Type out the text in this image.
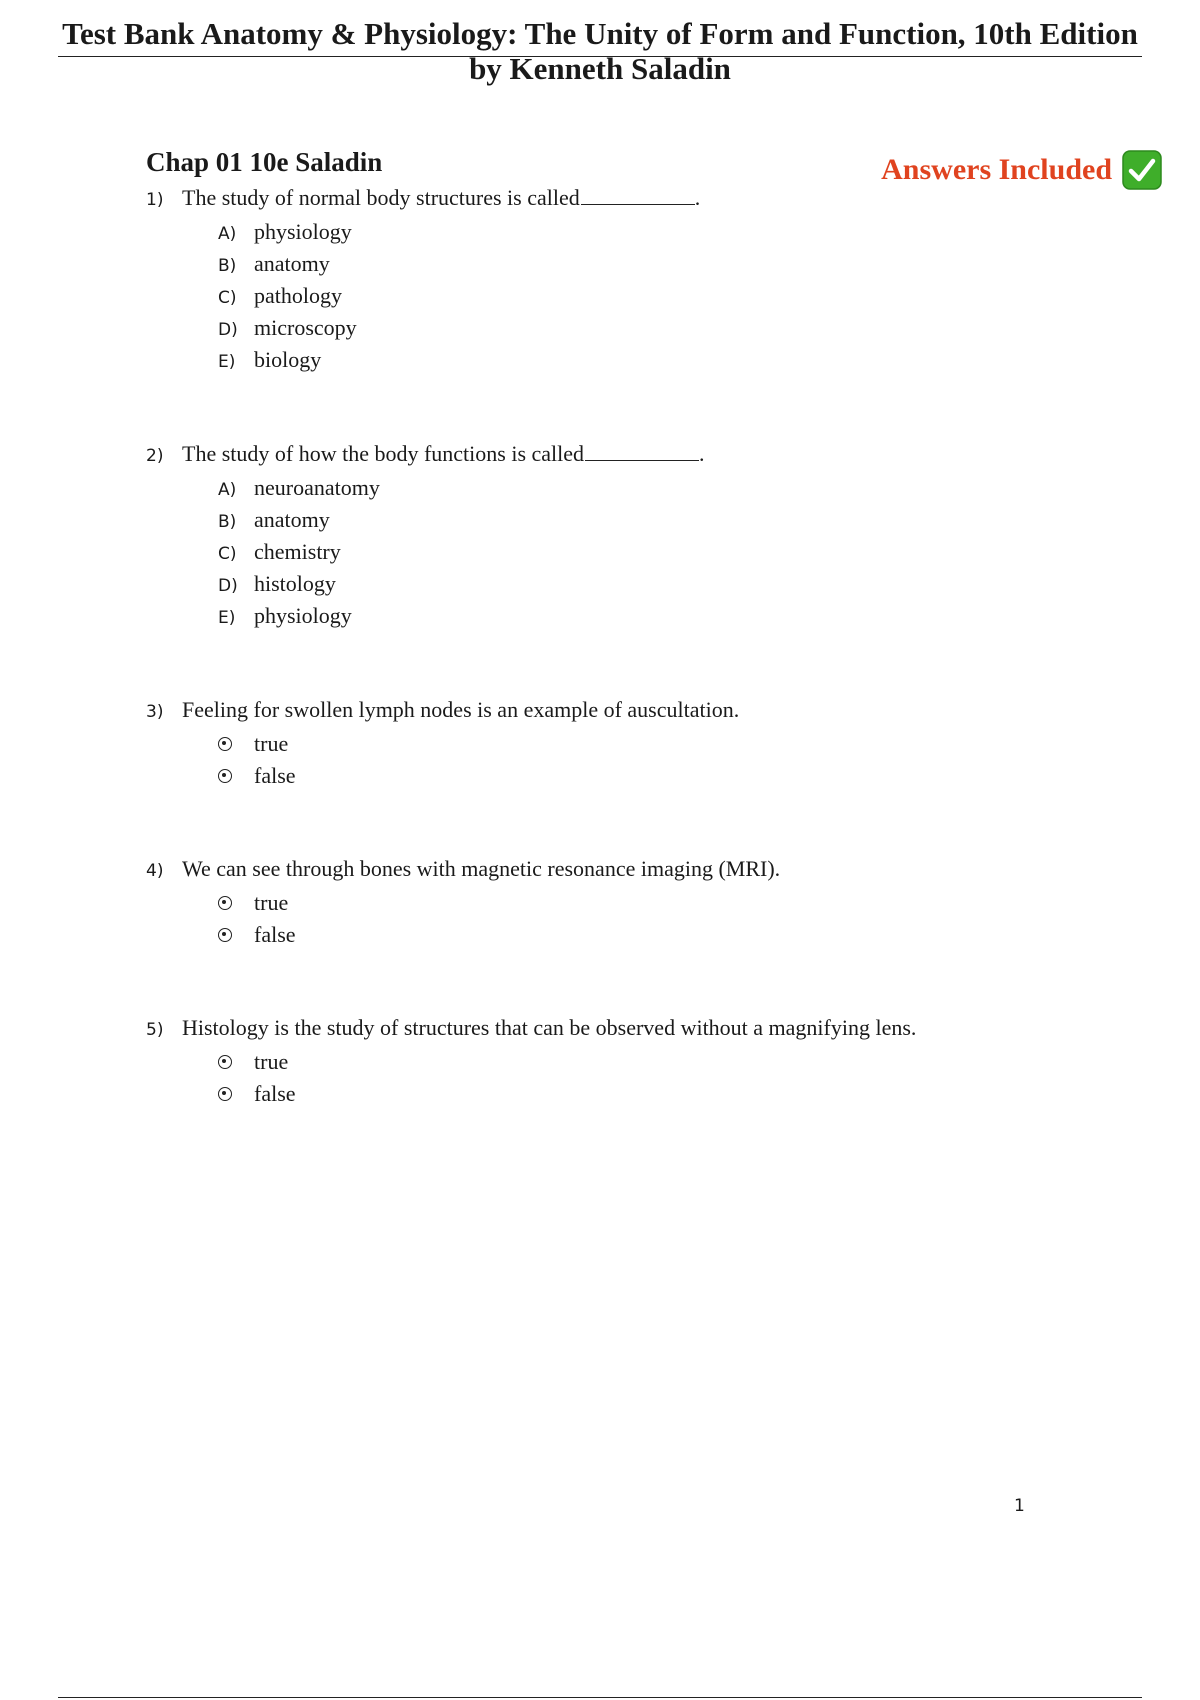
Test Bank Anatomy & Physiology: The Unity of Form and Function, 10th Edition
by Kenneth Saladin
Chap 01 10e Saladin	Answers Included
1) The study of normal body structures is called	.
A) physiology
B) anatomy
C) pathology
D) microscopy
E) biology
2) The study of how the body functions is called	.
A) neuroanatomy
B) anatomy
C) chemistry
D) histology
E) physiology
3) Feeling for swollen lymph nodes is an example of auscultation.
true
false
4) We can see through bones with magnetic resonance imaging (MRI).
true
false
5) Histology is the study of structures that can be observed without a magnifying lens.
true
false
1
